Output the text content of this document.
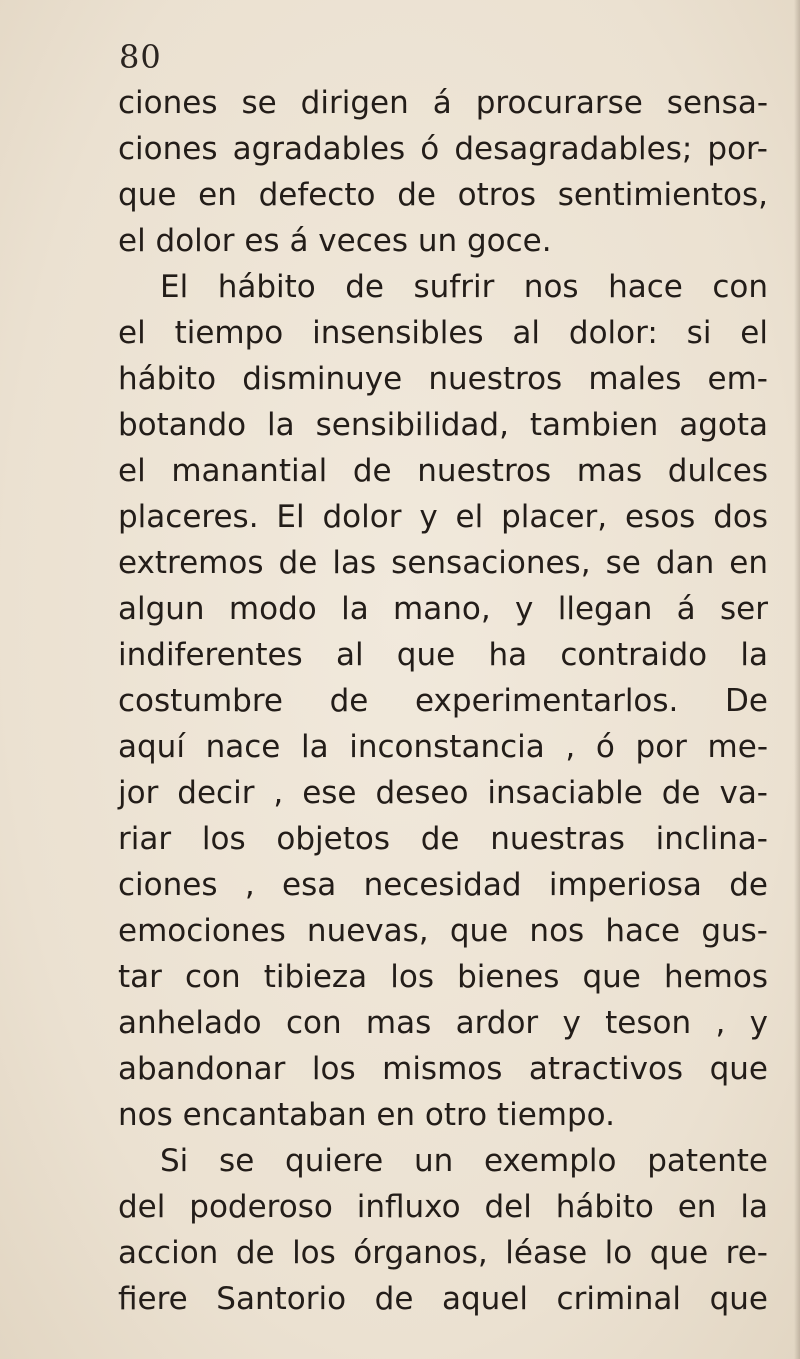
80
ciones se dirigen á procurarse sensa-
ciones agradables ó desagradables; por-
que en defecto de otros sentimientos,
el dolor es á veces un goce.
El hábito de sufrir nos hace con
el tiempo insensibles al dolor: si el
hábito disminuye nuestros males em-
botando la sensibilidad, tambien agota
el manantial de nuestros mas dulces
placeres. El dolor y el placer, esos dos
extremos de las sensaciones, se dan en
algun modo la mano, y llegan á ser
indiferentes al que ha contraido la
costumbre de experimentarlos. De
aquí nace la inconstancia , ó por me-
jor decir , ese deseo insaciable de va-
riar los objetos de nuestras inclina-
ciones , esa necesidad imperiosa de
emociones nuevas, que nos hace gus-
tar con tibieza los bienes que hemos
anhelado con mas ardor y teson , y
abandonar los mismos atractivos que
nos encantaban en otro tiempo.
Si se quiere un exemplo patente
del poderoso influxo del hábito en la
accion de los órganos, léase lo que re-
fiere Santorio de aquel criminal que
